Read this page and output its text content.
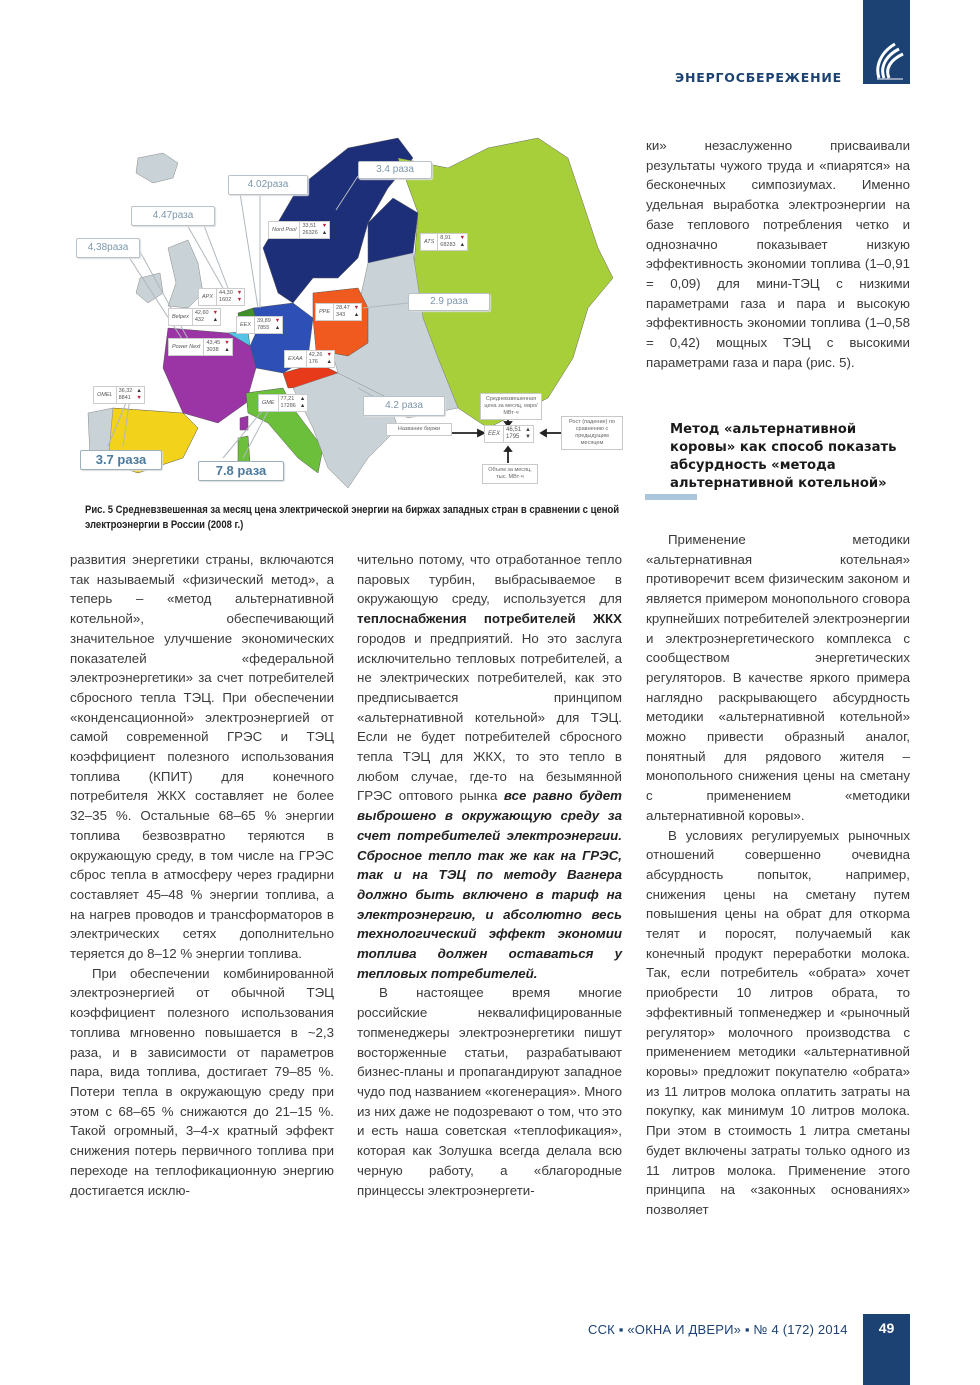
ЭНЕРГОСБЕРЕЖЕНИЕ
4,38раза
4.47раза
4.02раза
3.4 раза
2.9 раза
4.2 раза
3.7 раза
7.8 раза
Nord Pool
33,51
26326
▼
▲
ATS
8,91
68283
▼
▲
APX
44,30
1602
▼
▼
Belpex
42,60
432
▼
▲
EEX
39,89
7855
▼
▲
PPE
28,47
343
▼
▲
Power Next
43,45
3038
▼
▲
EXAA
42,26
176
▼
▲
OMEL
36,32
8841
▲
▼
GME
77,21
17286
▲
▲
Средневзвешенная цена за месяц, евро/МВт·ч
Название биржи
EEX
46,51
1795
▲
▼
Рост (падение) по сравнению с предыдущим месяцем
Объем за месяц, тыс. МВт·ч
Рис. 5 Средневзвешенная за месяц цена электрической энергии на биржах западных стран в сравнении с ценой электроэнергии в России (2008 г.)

развития энергетики страны, включаются так называемый «физический метод», а теперь – «метод альтернативной котельной», обеспечивающий значительное улучшение экономических показателей «федеральной электроэнергетики» за счет потребителей сбросного тепла ТЭЦ. При обеспечении «конденсационной» электроэнергией от самой современной ГРЭС и ТЭЦ коэффициент полезного использования топлива (КПИТ) для конечного потребителя ЖКХ составляет не более 32–35 %. Остальные 68–65 % энергии топлива безвозвратно теряются в окружающую среду, в том числе на ГРЭС сброс тепла в атмосферу через градирни составляет 45–48 % энергии топлива, а на нагрев проводов и трансформаторов в электрических сетях дополнительно теряется до 8–12 % энергии топлива.

При обеспечении комбинированной электроэнергией от обычной ТЭЦ коэффициент полезного использования топлива мгновенно повышается в ~2,3 раза, и в зависимости от параметров пара, вида топлива, достигает 79–85 %. Потери тепла в окружающую среду при этом с 68–65 % снижаются до 21–15 %. Такой огромный, 3–4-х кратный эффект снижения потерь первичного топлива при переходе на теплофикационную энергию достигается исклю-

чительно потому, что отработанное тепло паровых турбин, выбрасываемое в окружающую среду, используется для теплоснабжения потребителей ЖКХ городов и предприятий. Но это заслуга исключительно тепловых потребителей, а не электрических потребителей, как это предписывается принципом «альтернативной котельной» для ТЭЦ. Если не будет потребителей сбросного тепла ТЭЦ для ЖКХ, то это тепло в любом случае, где-то на безымянной ГРЭС оптового рынка все равно будет выброшено в окружающую среду за счет потребителей электроэнергии. Сбросное тепло так же как на ГРЭС, так и на ТЭЦ по методу Вагнера должно быть включено в тариф на электроэнергию, и абсолютно весь технологический эффект экономии топлива должен оставаться у тепловых потребителей.

В настоящее время многие российские неквалифицированные топменеджеры электроэнергетики пишут восторженные статьи, разрабатывают бизнес-планы и пропагандируют западное чудо под названием «когенерация». Много из них даже не подозревают о том, что это и есть наша советская «теплофикация», которая как Золушка всегда делала всю черную работу, а «благородные принцессы электроэнергети-

ки» незаслуженно присваивали результаты чужого труда и «пиарятся» на бесконечных симпозиумах. Именно удельная выработка электроэнергии на базе теплового потребления четко и однозначно показывает низкую эффективность экономии топлива (1–0,91 = 0,09) для мини-ТЭЦ с низкими параметрами газа и пара и высокую эффективность экономии топлива (1–0,58 = 0,42) мощных ТЭЦ с высокими параметрами газа и пара (рис. 5).

Метод «альтернативной коровы» как способ показать абсурдность «метода альтернативной котельной»

Применение методики «альтернативная котельная» противоречит всем физическим законом и является примером монопольного сговора крупнейших потребителей электроэнергии и электроэнергетического комплекса с сообществом энергетических регуляторов. В качестве яркого примера наглядно раскрывающего абсурдность методики «альтернативной котельной» можно привести образный аналог, понятный для рядового жителя – монопольного снижения цены на сметану с применением «методики альтернативной коровы».

В условиях регулируемых рыночных отношений совершенно очевидна абсурдность попыток, например, снижения цены на сметану путем повышения цены на обрат для откорма телят и поросят, получаемый как конечный продукт переработки молока. Так, если потребитель «обрата» хочет приобрести 10 литров обрата, то эффективный топменеджер и «рыночный регулятор» молочного производства с применением методики «альтернативной коровы» предложит покупателю «обрата» из 11 литров молока оплатить затраты на покупку, как минимум 10 литров молока. При этом в стоимость 1 литра сметаны будет включены затраты только одного из 11 литров молока. Применение этого принципа на «законных основаниях» позволяет

ССК ▪ «ОКНА И ДВЕРИ» ▪ № 4 (172) 2014	49
